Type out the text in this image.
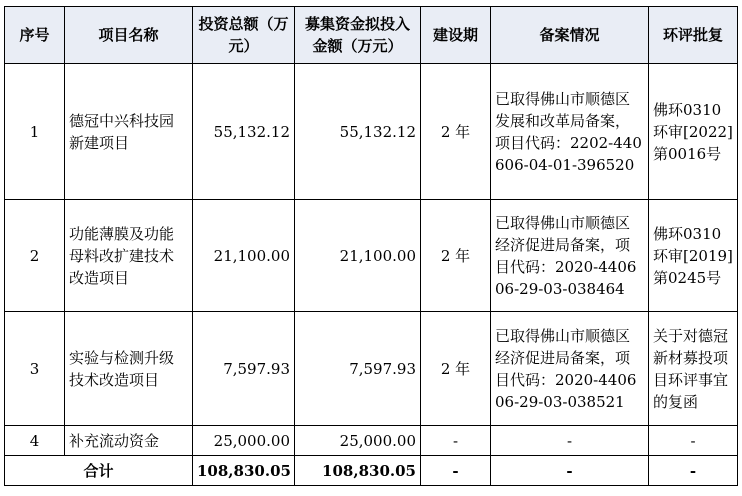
序号	项目名称	投资总额（万元）	募集资金拟投入金额（万元）	建设期	备案情况	环评批复
1	德冠中兴科技园新建项目	55,132.12	55,132.12	2 年	已取得佛山市顺德区发展和改革局备案，项目代码：2202-440606-04-01-396520	佛环0310环审[2022]第0016号
2	功能薄膜及功能母料改扩建技术改造项目	21,100.00	21,100.00	2 年	已取得佛山市顺德区经济促进局备案，项目代码：2020-440606-29-03-038464	佛环0310环审[2019]第0245号
3	实验与检测升级技术改造项目	7,597.93	7,597.93	2 年	已取得佛山市顺德区经济促进局备案，项目代码：2020-440606-29-03-038521	关于对德冠新材募投项目环评事宜的复函
4	补充流动资金	25,000.00	25,000.00	-	-	-
合计		108,830.05	108,830.05	-	-	-
